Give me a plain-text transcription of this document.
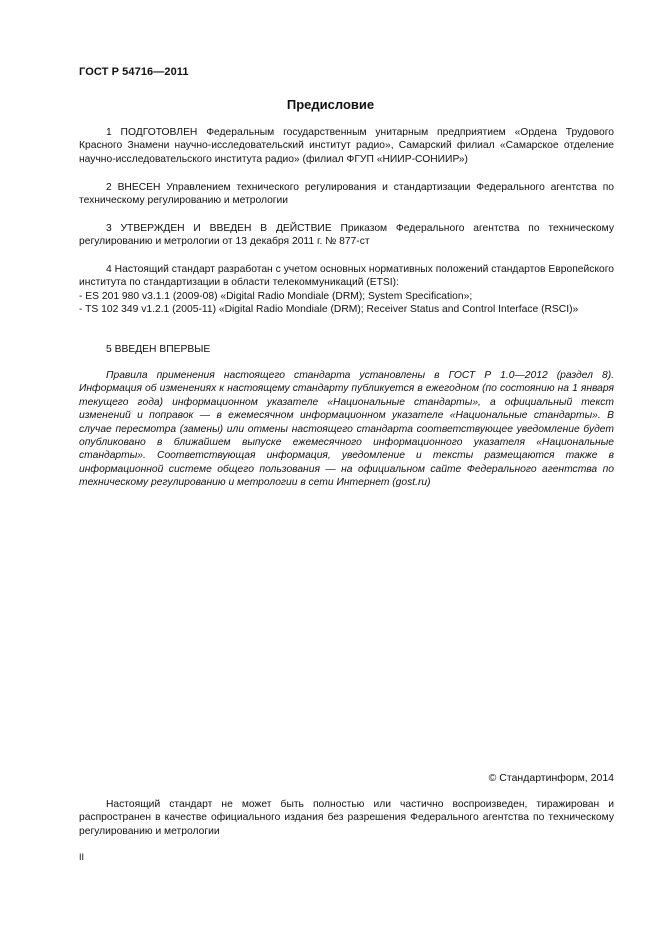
ГОСТ Р 54716—2011
Предисловие

1 ПОДГОТОВЛЕН Федеральным государственным унитарным предприятием «Ордена Трудового Красного Знамени научно-исследовательский институт радио», Самарский филиал «Самарское отделение научно-исследовательского института радио» (филиал ФГУП «НИИР-СОНИИР»)

2 ВНЕСЕН Управлением технического регулирования и стандартизации Федерального агентства по техническому регулированию и метрологии

3 УТВЕРЖДЕН И ВВЕДЕН В ДЕЙСТВИЕ Приказом Федерального агентства по техническому регулированию и метрологии от 13 декабря 2011 г. № 877-ст

4 Настоящий стандарт разработан с учетом основных нормативных положений стандартов Европейского института по стандартизации в области телекоммуникаций (ETSI):

- ES 201 980 v3.1.1 (2009-08) «Digital Radio Mondiale (DRM); System Specification»;

- TS 102 349 v1.2.1 (2005-11) «Digital Radio Mondiale (DRM); Receiver Status and Control Interface (RSCI)»

5 ВВЕДЕН ВПЕРВЫЕ

Правила применения настоящего стандарта установлены в ГОСТ Р 1.0—2012 (раздел 8). Информация об изменениях к настоящему стандарту публикуется в ежегодном (по состоянию на 1 января текущего года) информационном указателе «Национальные стандарты», а официальный текст изменений и поправок — в ежемесячном информационном указателе «Национальные стандарты». В случае пересмотра (замены) или отмены настоящего стандарта соответствующее уведомление будет опубликовано в ближайшем выпуске ежемесячного информационного указателя «Национальные стандарты». Соответствующая информация, уведомление и тексты размещаются также в информационной системе общего пользования — на официальном сайте Федерального агентства по техническому регулированию и метрологии в сети Интернет (gost.ru)

© Стандартинформ, 2014

Настоящий стандарт не может быть полностью или частично воспроизведен, тиражирован и распространен в качестве официального издания без разрешения Федерального агентства по техническому регулированию и метрологии

II
